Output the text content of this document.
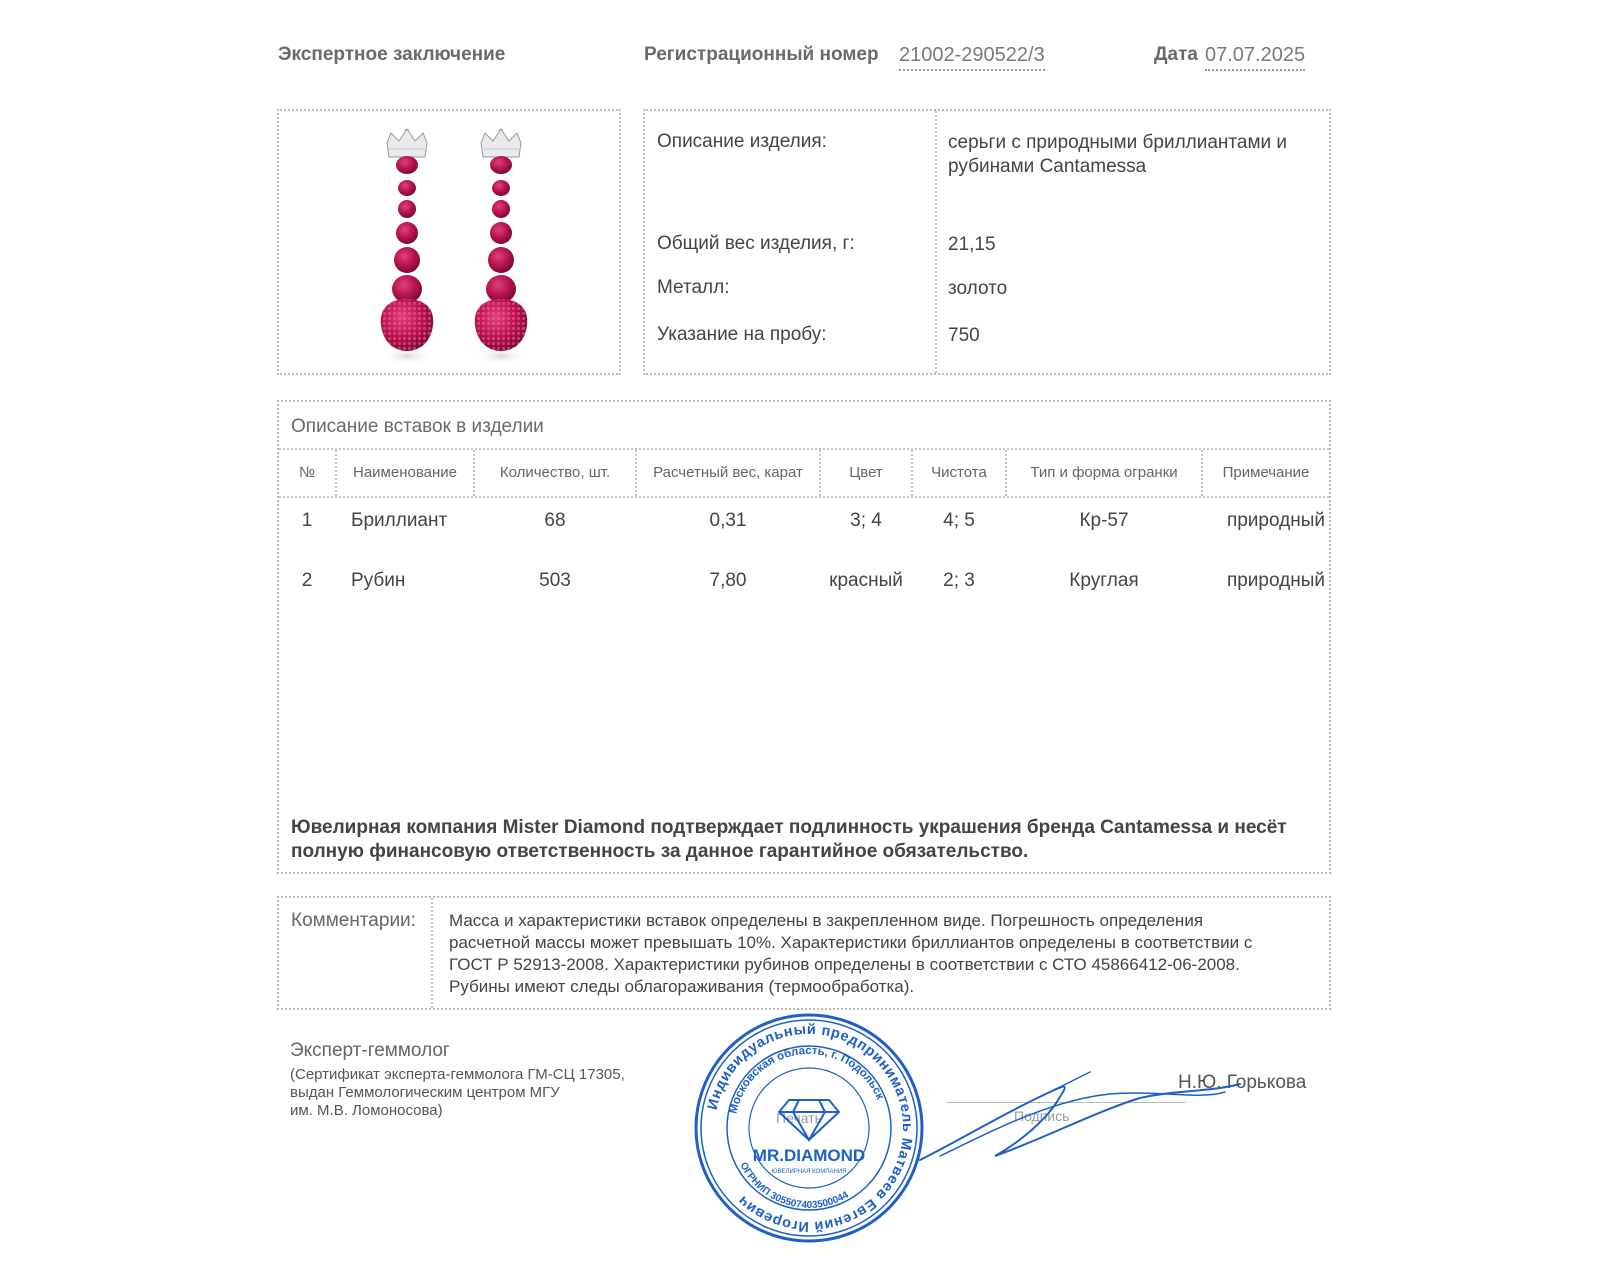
Экспертное заключение	Регистрационный номер 21002-290522/3	Дата 07.07.2025
Описание изделия:	серьги с природными бриллиантами и рубинами Cantamessa
Общий вес изделия, г:	21,15
Металл:	золото
Указание на пробу:	750
Описание вставок в изделии
№	Наименование	Количество, шт.	Расчетный вес, карат	Цвет	Чистота	Тип и форма огранки	Примечание
1	Бриллиант	68	0,31	3; 4	4; 5	Кр-57	природный
2	Рубин	503	7,80	красный	2; 3	Круглая	природный
Ювелирная компания Mister Diamond подтверждает подлинность украшения бренда Cantamessa и несёт полную финансовую ответственность за данное гарантийное обязательство.
Комментарии: Масса и характеристики вставок определены в закрепленном виде. Погрешность определения
расчетной массы может превышать 10%. Характеристики бриллиантов определены в соответствии с
ГОСТ Р 52913-2008. Характеристики рубинов определены в соответствии с СТО 45866412-06-2008.
Рубины имеют следы облагораживания (термообработка).
Эксперт-геммолог
(Сертификат эксперта-геммолога ГМ-СЦ 17305,
выдан Геммологическим центром МГУ
им. М.В. Ломоносова)	Печать	Подпись
Н.Ю. Горькова
Индивидуальный предприниматель Матвеев Евгений Игоревич
Московская область, г. Подольск
ОГРНИП 305507403500044
MR.DIAMOND
ЮВЕЛИРНАЯ КОМПАНИЯ
